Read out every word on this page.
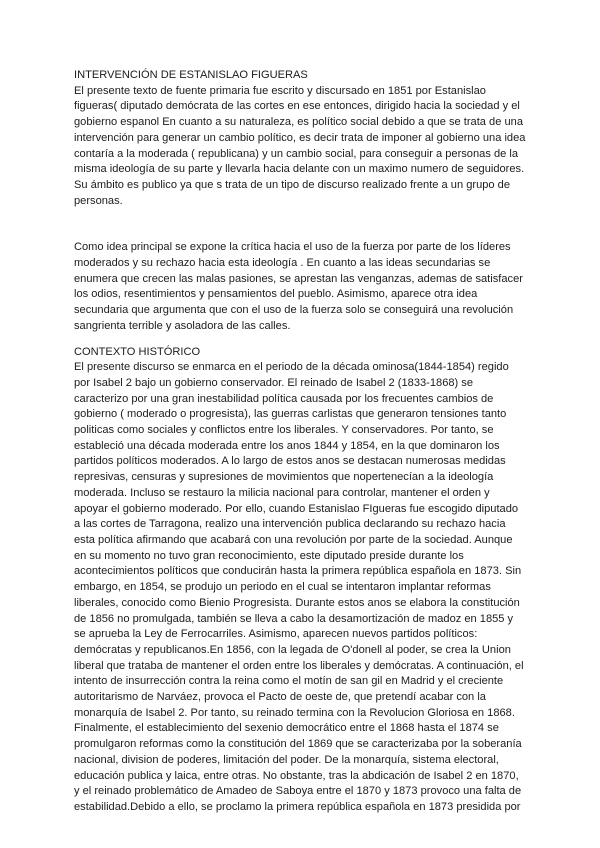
INTERVENCIÓN DE ESTANISLAO FIGUERAS

El presente texto de fuente primaria fue escrito y discursado en 1851 por Estanislao figueras( diputado demócrata de las cortes en ese entonces, dirigido hacia la sociedad y el gobierno espanol En cuanto a su naturaleza, es político social debido a que se trata de una intervención para generar un cambio político, es decir trata de imponer al gobierno una idea contaría a la moderada ( republicana) y un cambio social, para conseguir a personas de la misma ideología de su parte y llevarla hacia delante con un maximo numero de seguidores. Su ámbito es publico ya que s trata de un tipo de discurso realizado frente a un grupo de personas.

Como idea principal se expone la crítica hacia el uso de la fuerza por parte de los líderes moderados y su rechazo hacia esta ideología . En cuanto a las ideas secundarias se enumera que crecen las malas pasiones, se aprestan las venganzas, ademas de satisfacer los odios, resentimientos y pensamientos del pueblo. Asimismo, aparece otra idea secundaria que argumenta que con el uso de la fuerza solo se conseguirá una revolución sangrienta terrible y asoladora de las calles.

CONTEXTO HISTÓRICO

El presente discurso se enmarca en el periodo de la década ominosa(1844-1854) regido por Isabel 2 bajo un gobierno conservador. El reinado de Isabel 2 (1833-1868) se caracterizo por una gran inestabilidad política causada por los frecuentes cambios de gobierno ( moderado o progresista), las guerras carlistas que generaron tensiones tanto politicas como sociales y conflictos entre los liberales. Y conservadores. Por tanto, se estableció una década moderada entre los anos 1844 y 1854, en la que dominaron los partidos políticos moderados. A lo largo de estos anos se destacan numerosas medidas represivas, censuras y supresiones de movimientos que nopertenecían a la ideología moderada. Incluso se restauro la milicia nacional para controlar, mantener el orden y apoyar el gobierno moderado. Por ello, cuando Estanislao FIgueras fue escogido diputado a las cortes de Tarragona, realizo una intervención publica declarando su rechazo hacia esta política afirmando que acabará con una revolución por parte de la sociedad. Aunque en su momento no tuvo gran reconocimiento, este diputado preside durante los acontecimientos políticos que conducirán hasta la primera república española en 1873. Sin embargo, en 1854, se produjo un periodo en el cual se intentaron implantar reformas liberales, conocido como Bienio Progresista. Durante estos anos se elabora la constitución de 1856 no promulgada, también se lleva a cabo la desamortización de madoz en 1855 y se aprueba la Ley de Ferrocarriles. Asimismo, aparecen nuevos partidos políticos: demócratas y republicanos.En 1856, con la legada de O'donell al poder, se crea la Union liberal que trataba de mantener el orden entre los liberales y demócratas. A continuación, el intento de insurrección contra la reina como el motín de san gil en Madrid y el creciente autoritarismo de Narváez, provoca el Pacto de oeste de, que pretendí acabar con la monarquía de Isabel 2. Por tanto, su reinado termina con la Revolucion Gloriosa en 1868. Finalmente, el establecimiento del sexenio democrático entre el 1868 hasta el 1874 se promulgaron reformas como la constitución del 1869 que se caracterizaba por la soberanía nacional, division de poderes, limitación del poder. De la monarquía, sistema electoral, educación publica y laica, entre otras. No obstante, tras la abdicación de Isabel 2 en 1870, y el reinado problemático de Amadeo de Saboya entre el 1870 y 1873 provoco una falta de estabilidad.Debido a ello, se proclamo la primera república española en 1873 presidida por
